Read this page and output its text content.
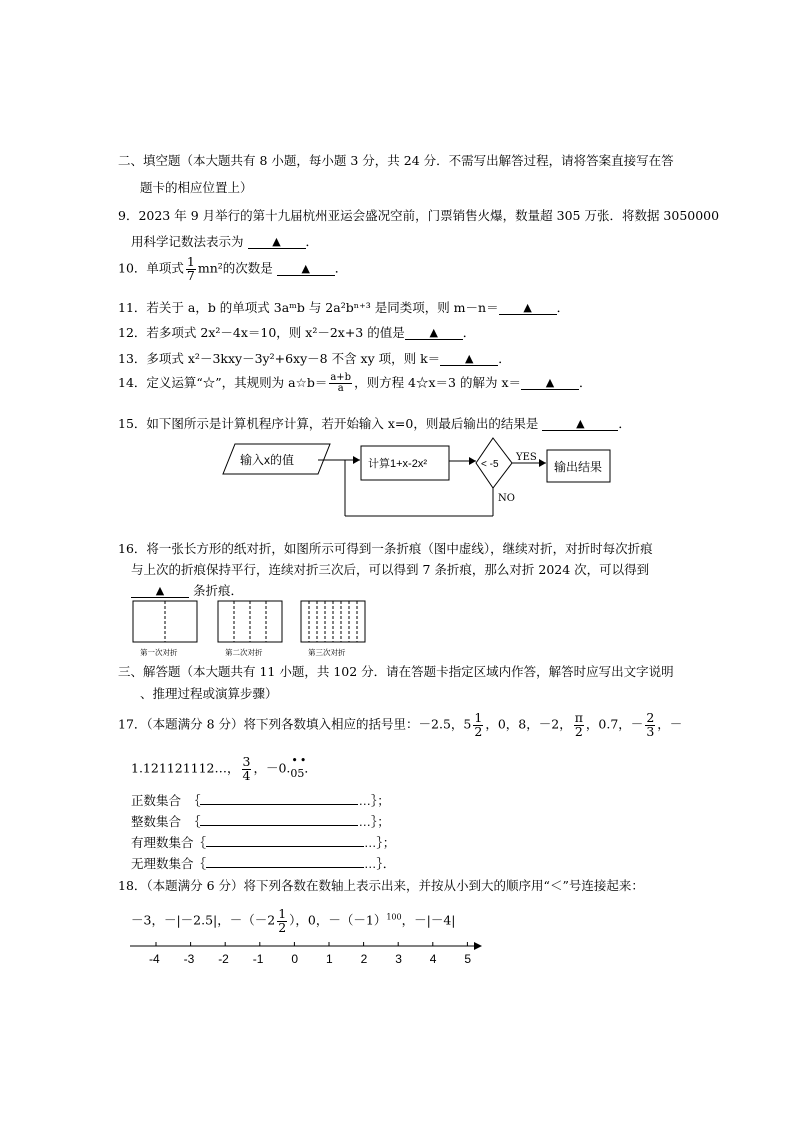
二、填空题（本大题共有 8 小题，每小题 3 分，共 24 分．不需写出解答过程，请将答案直接写在答
题卡的相应位置上）
9．2023 年 9 月举行的第十九届杭州亚运会盛况空前，门票销售火爆，数量超 305 万张．将数据 3050000
用科学记数法表示为	▲ ．
10．单项式 $\frac{1}{7} mn^2$的次数是	▲ ．
11．若关于 a，b 的单项式 3aᵐb 与 2a²bⁿ⁺³ 是同类项，则 m－n＝ ▲ ．
12．若多项式 2x²－4x＝10，则 x²－2x+3 的值是 ▲ ．
13．多项式 x²－3kxy－3y²+6xy－8 不含 xy 项，则 k＝ ▲ ．
14．定义运算“☆”，其规则为 a☆b＝ $\frac{a+b}{a}$ ，则方程 4☆x＝3 的解为 x＝ ▲ ．
15．如下图所示是计算机程序计算，若开始输入 x=0，则最后输出的结果是	▲	．
输入x的值	计算1+x-2x²	< -5
YES
输出结果
NO
16．将一张长方形的纸对折，如图所示可得到一条折痕（图中虚线），继续对折，对折时每次折痕
与上次的折痕保持平行，连续对折三次后，可以得到 7 条折痕，那么对折 2024 次，可以得到
▲ 条折痕．
第一次对折	第二次对折	第三次对折
三、解答题（本大题共有 11 小题，共 102 分．请在答题卡指定区域内作答，解答时应写出文字说明
、推理过程或演算步骤）
17．（本题满分 8 分）将下列各数填入相应的括号里：－2.5，$5 \frac{1}{2}$ ，0，8，－2， $\frac{\pi}{2}$ ，0.7，－ $\frac{2}{3}$ ，－
1.121121112…， $\frac{3}{4}$ ，－0.
••
05．
正数集合 ｛	…｝；
整数集合 ｛	…｝；
有理数集合｛	…｝；
无理数集合｛	…｝．
18．（本题满分 6 分）将下列各数在数轴上表示出来，并按从小到大的顺序用“＜”号连接起来：
－3，－|－2.5|，$-(-2 \frac{1}{2}$ ），0，$-(-1)^{100}$，－|－4|
-4 -3 -2 -1 0 1 2 3 4 5
